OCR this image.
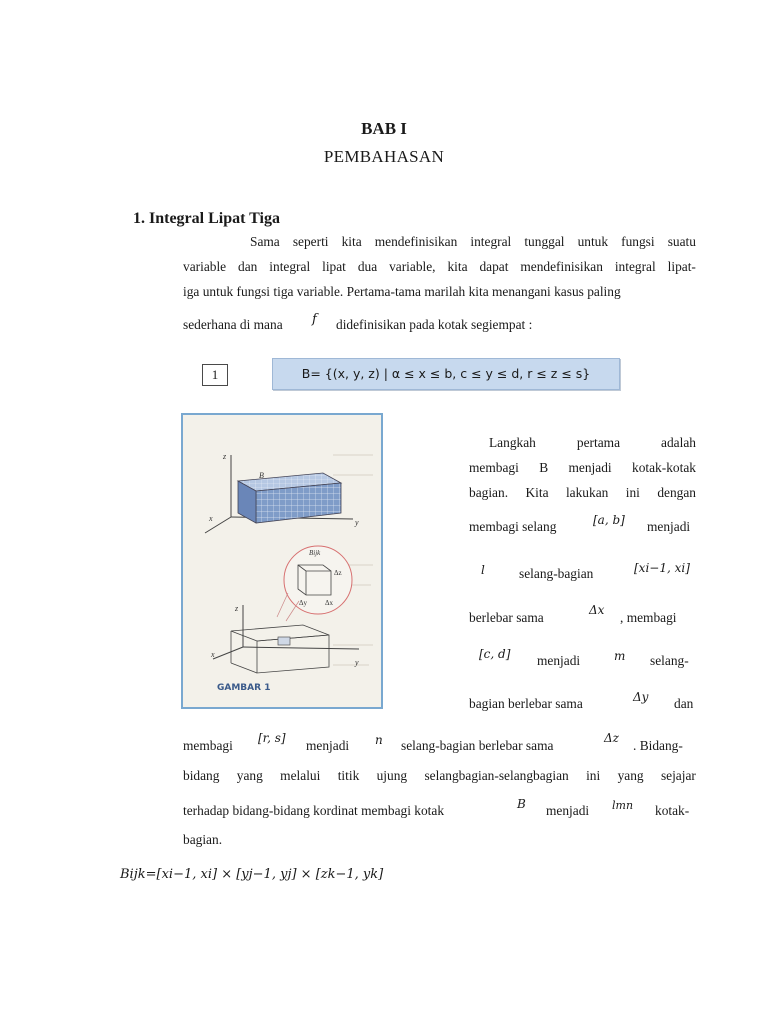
BAB I
PEMBAHASAN
1. Integral Lipat Tiga
Sama seperti kita mendefinisikan integral tunggal untuk fungsi suatu
variable dan integral lipat dua variable, kita dapat mendefinisikan integral lipat-
iga untuk fungsi tiga variable. Pertama-tama marilah kita menangani kasus paling
sederhana di mana f didefinisikan pada kotak segiempat :
1	B= {(x, y, z) | α ≤ x ≤ b, c ≤ y ≤ d, r ≤ z ≤ s}
z
B
x	y
Bijk
Δz
Δy	Δx
z
x
y
GAMBAR 1
Langkah	pertama	adalah
membagi B menjadi kotak-kotak
bagian. Kita lakukan ini dengan
membagi selang	[a, b] menjadi
l	selang-bagian	[xi−1, xi]
berlebar sama	Δx , membagi
[c, d] menjadi	m selang-
bagian berlebar sama	Δy dan
membagi [r, s] menjadi n selang-bagian berlebar sama	Δz . Bidang-
bidang yang melalui titik ujung selangbagian-selangbagian ini yang sejajar
terhadap bidang-bidang kordinat membagi kotak	B menjadi lmn kotak-
bagian.
Bijk=[xi−1, xi] × [yj−1, yj] × [zk−1, yk]
